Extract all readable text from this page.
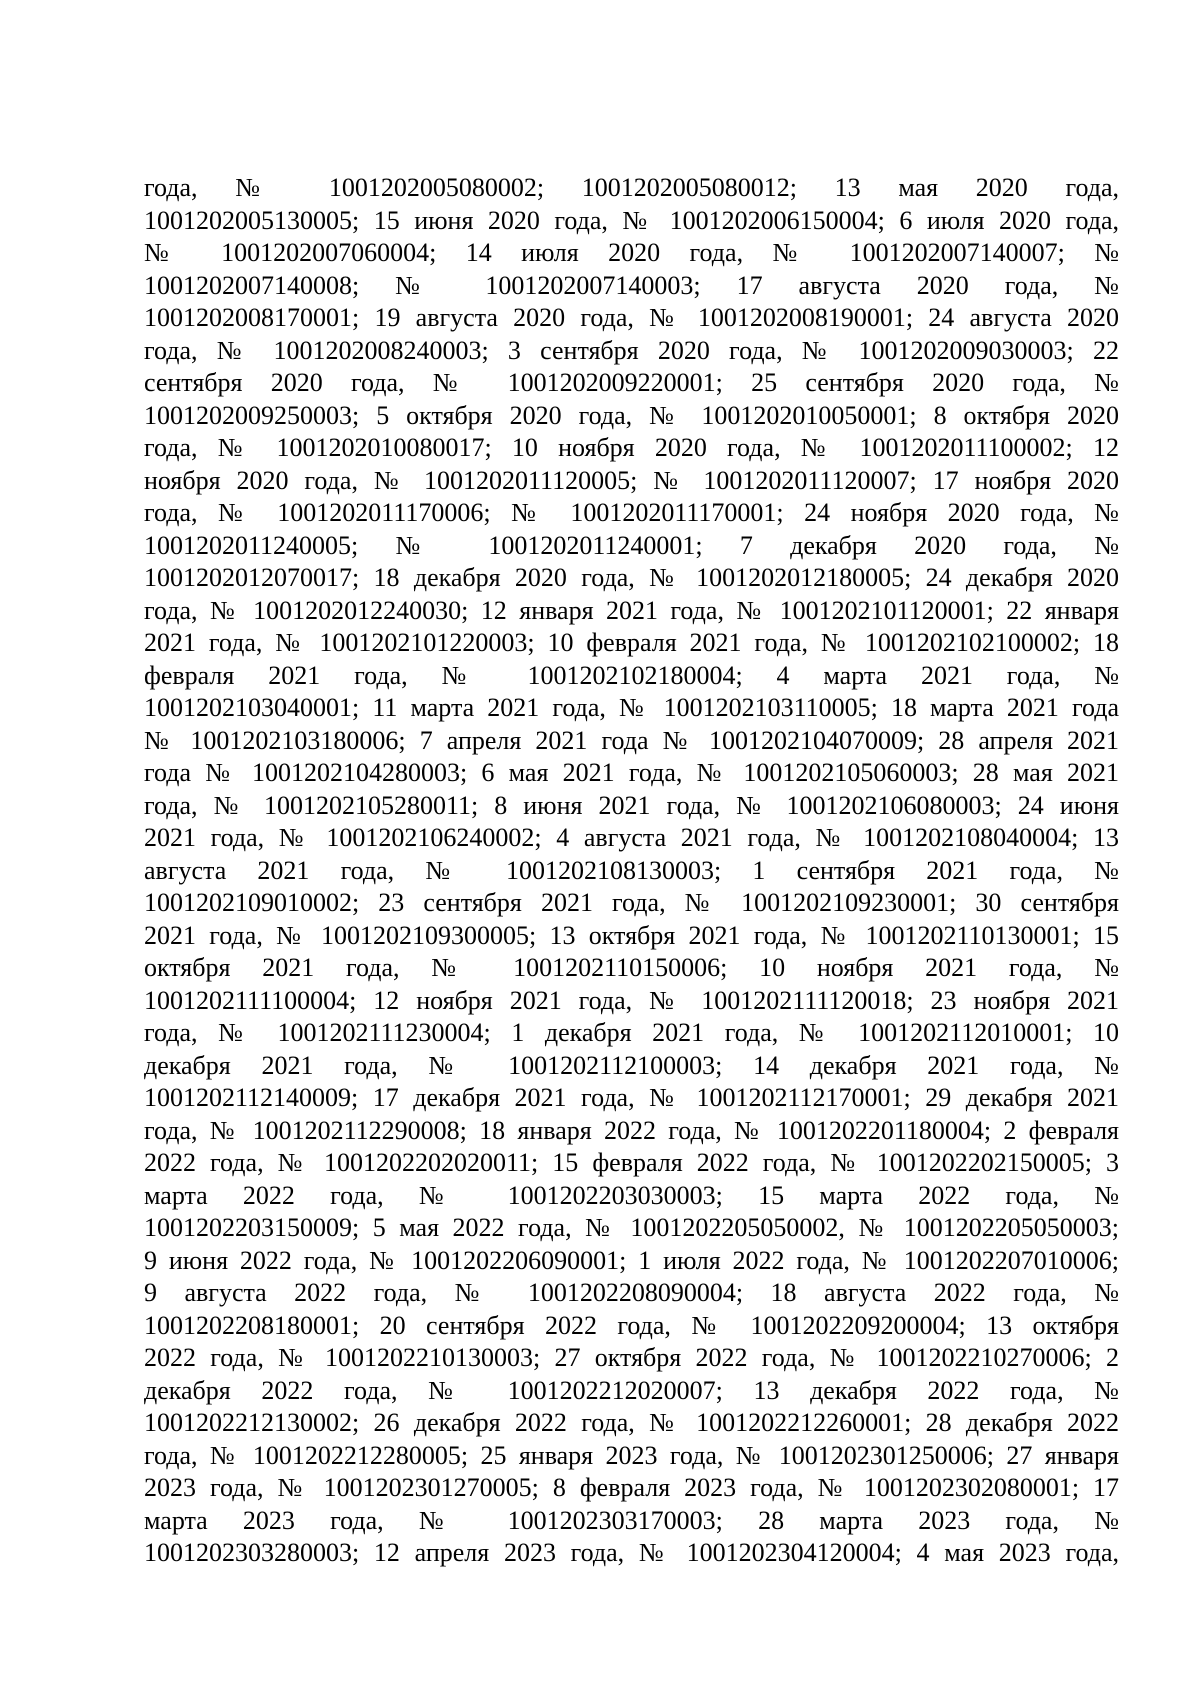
года, № 1001202005080002; 1001202005080012; 13 мая 2020 года,
1001202005130005; 15 июня 2020 года, № 1001202006150004; 6 июля 2020 года,
№ 1001202007060004; 14 июля 2020 года, № 1001202007140007; №
1001202007140008; № 1001202007140003; 17 августа 2020 года, №
1001202008170001; 19 августа 2020 года, № 1001202008190001; 24 августа 2020
года, № 1001202008240003; 3 сентября 2020 года, № 1001202009030003; 22
сентября 2020 года, № 1001202009220001; 25 сентября 2020 года, №
1001202009250003; 5 октября 2020 года, № 1001202010050001; 8 октября 2020
года, № 1001202010080017; 10 ноября 2020 года, № 1001202011100002; 12
ноября 2020 года, № 1001202011120005; № 1001202011120007; 17 ноября 2020
года, № 1001202011170006; № 1001202011170001; 24 ноября 2020 года, №
1001202011240005; № 1001202011240001; 7 декабря 2020 года, №
1001202012070017; 18 декабря 2020 года, № 1001202012180005; 24 декабря 2020
года, № 1001202012240030; 12 января 2021 года, № 1001202101120001; 22 января
2021 года, № 1001202101220003; 10 февраля 2021 года, № 1001202102100002; 18
февраля 2021 года, № 1001202102180004; 4 марта 2021 года, №
1001202103040001; 11 марта 2021 года, № 1001202103110005; 18 марта 2021 года
№ 1001202103180006; 7 апреля 2021 года № 1001202104070009; 28 апреля 2021
года № 1001202104280003; 6 мая 2021 года, № 1001202105060003; 28 мая 2021
года, № 1001202105280011; 8 июня 2021 года, № 1001202106080003; 24 июня
2021 года, № 1001202106240002; 4 августа 2021 года, № 1001202108040004; 13
августа 2021 года, № 1001202108130003; 1 сентября 2021 года, №
1001202109010002; 23 сентября 2021 года, № 1001202109230001; 30 сентября
2021 года, № 1001202109300005; 13 октября 2021 года, № 1001202110130001; 15
октября 2021 года, № 1001202110150006; 10 ноября 2021 года, №
1001202111100004; 12 ноября 2021 года, № 1001202111120018; 23 ноября 2021
года, № 1001202111230004; 1 декабря 2021 года, № 1001202112010001; 10
декабря 2021 года, № 1001202112100003; 14 декабря 2021 года, №
1001202112140009; 17 декабря 2021 года, № 1001202112170001; 29 декабря 2021
года, № 1001202112290008; 18 января 2022 года, № 1001202201180004; 2 февраля
2022 года, № 1001202202020011; 15 февраля 2022 года, № 1001202202150005; 3
марта 2022 года, № 1001202203030003; 15 марта 2022 года, №
1001202203150009; 5 мая 2022 года, № 1001202205050002, № 1001202205050003;
9 июня 2022 года, № 1001202206090001; 1 июля 2022 года, № 1001202207010006;
9 августа 2022 года, № 1001202208090004; 18 августа 2022 года, №
1001202208180001; 20 сентября 2022 года, № 1001202209200004; 13 октября
2022 года, № 1001202210130003; 27 октября 2022 года, № 1001202210270006; 2
декабря 2022 года, № 1001202212020007; 13 декабря 2022 года, №
1001202212130002; 26 декабря 2022 года, № 1001202212260001; 28 декабря 2022
года, № 1001202212280005; 25 января 2023 года, № 1001202301250006; 27 января
2023 года, № 1001202301270005; 8 февраля 2023 года, № 1001202302080001; 17
марта 2023 года, № 1001202303170003; 28 марта 2023 года, №
1001202303280003; 12 апреля 2023 года, № 1001202304120004; 4 мая 2023 года,
